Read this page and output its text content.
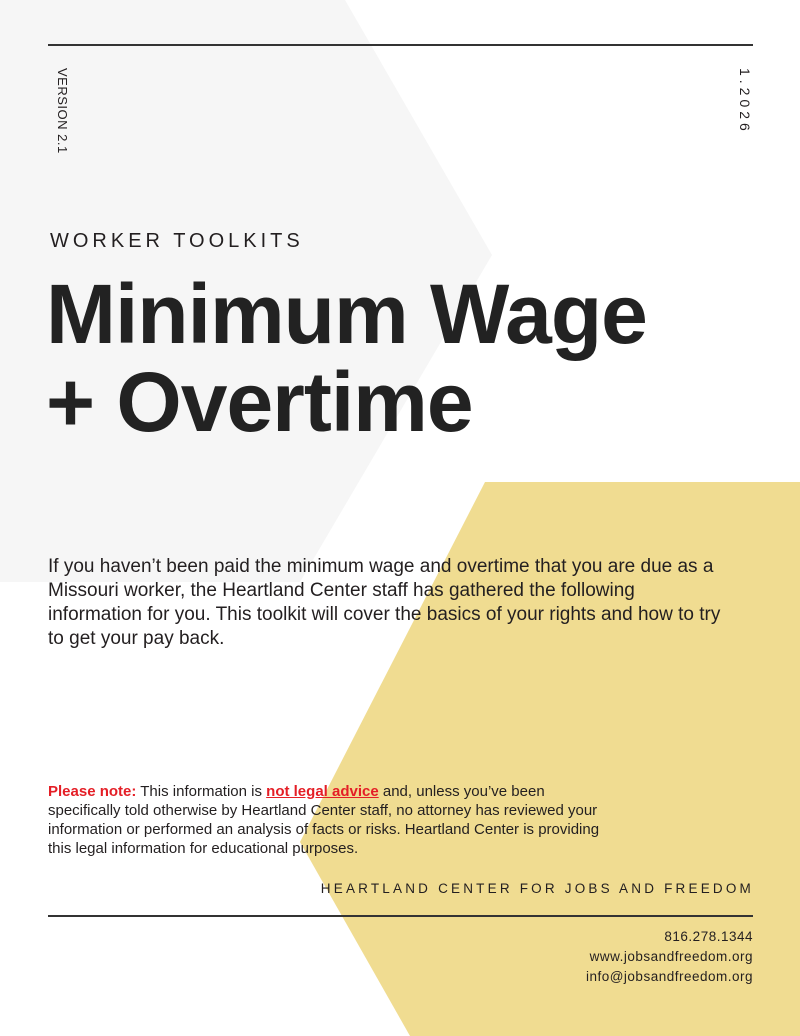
VERSION 2.1	1.2026
WORKER TOOLKITS
Minimum Wage
+ Overtime

If you haven’t been paid the minimum wage and overtime that you are due as a Missouri worker, the Heartland Center staff has gathered the following information for you. This toolkit will cover the basics of your rights and how to try to get your pay back.

Please note: This information is not legal advice and, unless you’ve been specifically told otherwise by Heartland Center staff, no attorney has reviewed your information or performed an analysis of facts or risks. Heartland Center is providing this legal information for educational purposes.

HEARTLAND CENTER FOR JOBS AND FREEDOM
816.278.1344
www.jobsandfreedom.org
info@jobsandfreedom.org
